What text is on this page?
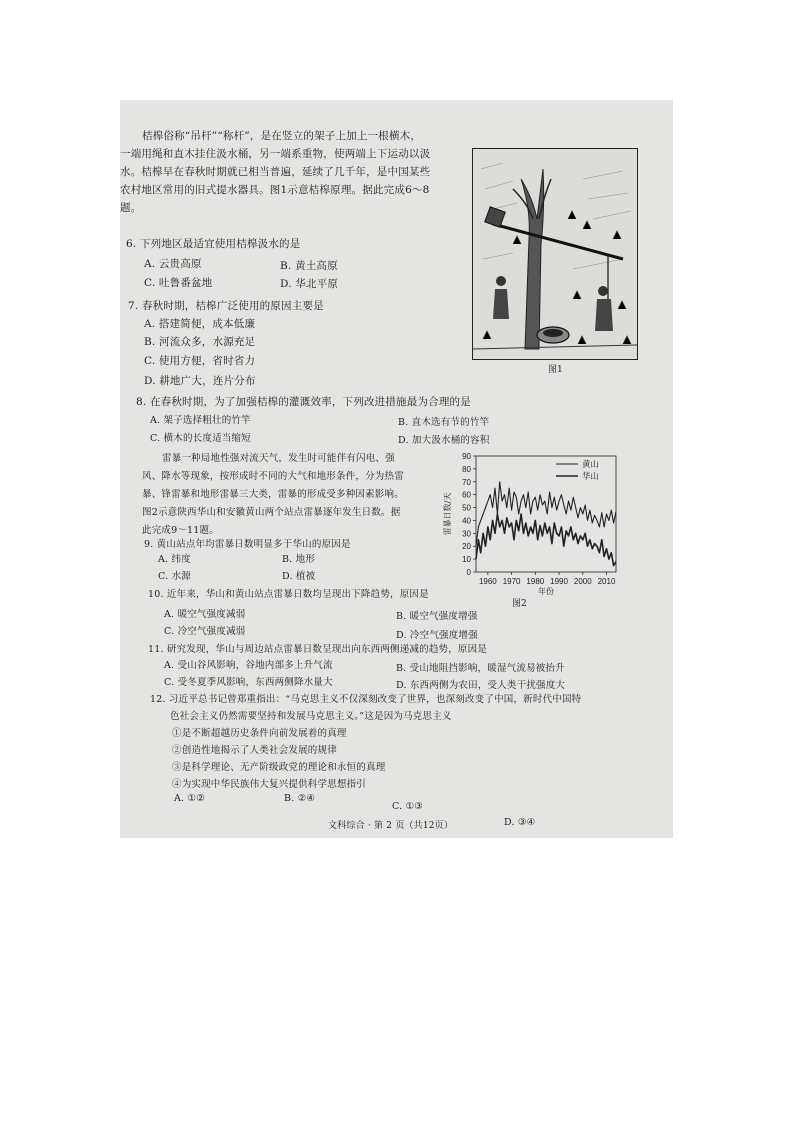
桔槔俗称“吊杆”“称杆”，是在竖立的架子上加上一根横木，
一端用绳和直木挂住汲水桶，另一端系重物，使两端上下运动以汲
水。桔槔早在春秋时期就已相当普遍，延续了几千年，是中国某些
农村地区常用的旧式提水器具。图1示意桔槔原理。据此完成6～8
题。
图1
6. 下列地区最适宜使用桔槔汲水的是
A. 云贵高原	B. 黄土高原
C. 吐鲁番盆地	D. 华北平原
7. 春秋时期，桔槔广泛使用的原因主要是
A. 搭建简便，成本低廉
B. 河流众多，水源充足
C. 使用方便，省时省力
D. 耕地广大，连片分布
8. 在春秋时期，为了加强桔槔的灌溉效率，下列改进措施最为合理的是
A. 架子选择粗壮的竹竿	B. 直木选有节的竹竿
C. 横木的长度适当缩短	D. 加大汲水桶的容积
雷暴一种局地性强对流天气，发生时可能伴有闪电、强
风、降水等现象，按形成时不同的大气和地形条件，分为热雷
暴、锋雷暴和地形雷暴三大类，雷暴的形成受多种因素影响。
图2示意陕西华山和安徽黄山两个站点雷暴逐年发生日数。据
此完成9～11题。	雷暴日数/天
年份
0
10
20
30
40
50
60
70
80
90
1960 1970 1980 1990 2000 2010
黄山
华山
图2
9. 黄山站点年均雷暴日数明显多于华山的原因是
A. 纬度	B. 地形
C. 水源	D. 植被
10. 近年来，华山和黄山站点雷暴日数均呈现出下降趋势，原因是
A. 暖空气强度减弱	B. 暖空气强度增强
C. 冷空气强度减弱	D. 冷空气强度增强
11. 研究发现，华山与周边站点雷暴日数呈现出向东西两侧递减的趋势，原因是
A. 受山谷风影响，谷地内部多上升气流	B. 受山地阻挡影响，暖湿气流易被抬升
C. 受冬夏季风影响，东西两侧降水量大	D. 东西两侧为农田，受人类干扰强度大
12. 习近平总书记曾郑重指出：“马克思主义不仅深刻改变了世界，也深刻改变了中国，新时代中国特
色社会主义仍然需要坚持和发展马克思主义。”这是因为马克思主义
①是不断超越历史条件向前发展着的真理
②创造性地揭示了人类社会发展的规律
③是科学理论、无产阶级政党的理论和永恒的真理
④为实现中华民族伟大复兴提供科学思想指引
A. ①②	B. ②④
C. ①③
D. ③④
文科综合 · 第 2 页（共12页）
